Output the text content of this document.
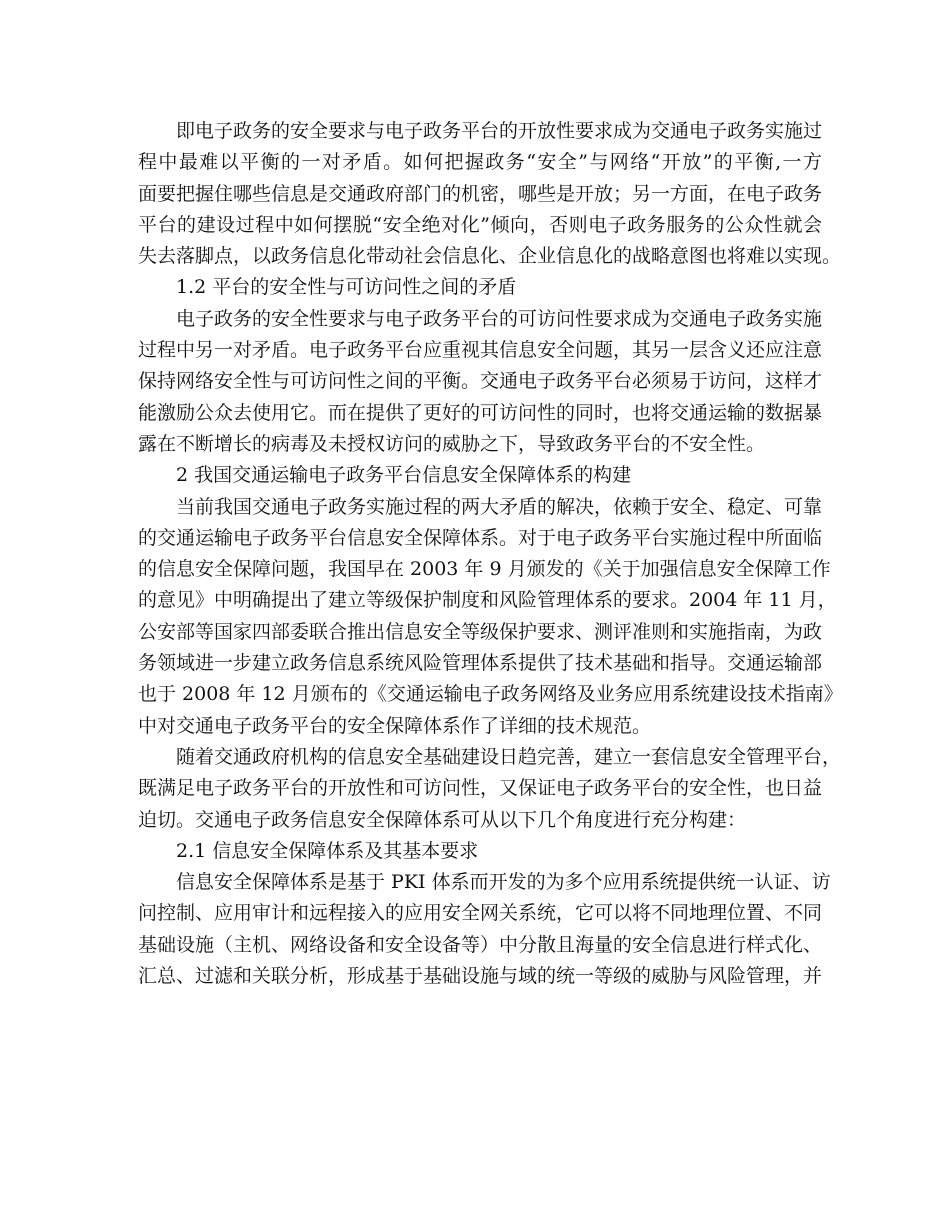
即电子政务的安全要求与电子政务平台的开放性要求成为交通电子政务实施过
程中最难以平衡的一对矛盾。如何把握政务“安全”与网络“开放”的平衡,一方
面要把握住哪些信息是交通政府部门的机密，哪些是开放；另一方面，在电子政务
平台的建设过程中如何摆脱“安全绝对化”倾向，否则电子政务服务的公众性就会
失去落脚点，以政务信息化带动社会信息化、企业信息化的战略意图也将难以实现。
1.2 平台的安全性与可访问性之间的矛盾
电子政务的安全性要求与电子政务平台的可访问性要求成为交通电子政务实施
过程中另一对矛盾。电子政务平台应重视其信息安全问题，其另一层含义还应注意
保持网络安全性与可访问性之间的平衡。交通电子政务平台必须易于访问，这样才
能激励公众去使用它。而在提供了更好的可访问性的同时，也将交通运输的数据暴
露在不断增长的病毒及未授权访问的威胁之下，导致政务平台的不安全性。
2 我国交通运输电子政务平台信息安全保障体系的构建
当前我国交通电子政务实施过程的两大矛盾的解决，依赖于安全、稳定、可靠
的交通运输电子政务平台信息安全保障体系。对于电子政务平台实施过程中所面临
的信息安全保障问题，我国早在 2003 年 9 月颁发的《关于加强信息安全保障工作
的意见》中明确提出了建立等级保护制度和风险管理体系的要求。2004 年 11 月，
公安部等国家四部委联合推出信息安全等级保护要求、测评准则和实施指南，为政
务领域进一步建立政务信息系统风险管理体系提供了技术基础和指导。交通运输部
也于 2008 年 12 月颁布的《交通运输电子政务网络及业务应用系统建设技术指南》
中对交通电子政务平台的安全保障体系作了详细的技术规范。
随着交通政府机构的信息安全基础建设日趋完善，建立一套信息安全管理平台，
既满足电子政务平台的开放性和可访问性，又保证电子政务平台的安全性，也日益
迫切。交通电子政务信息安全保障体系可从以下几个角度进行充分构建：
2.1 信息安全保障体系及其基本要求
信息安全保障体系是基于 PKI 体系而开发的为多个应用系统提供统一认证、访
问控制、应用审计和远程接入的应用安全网关系统，它可以将不同地理位置、不同
基础设施（主机、网络设备和安全设备等）中分散且海量的安全信息进行样式化、
汇总、过滤和关联分析，形成基于基础设施与域的统一等级的威胁与风险管理，并
